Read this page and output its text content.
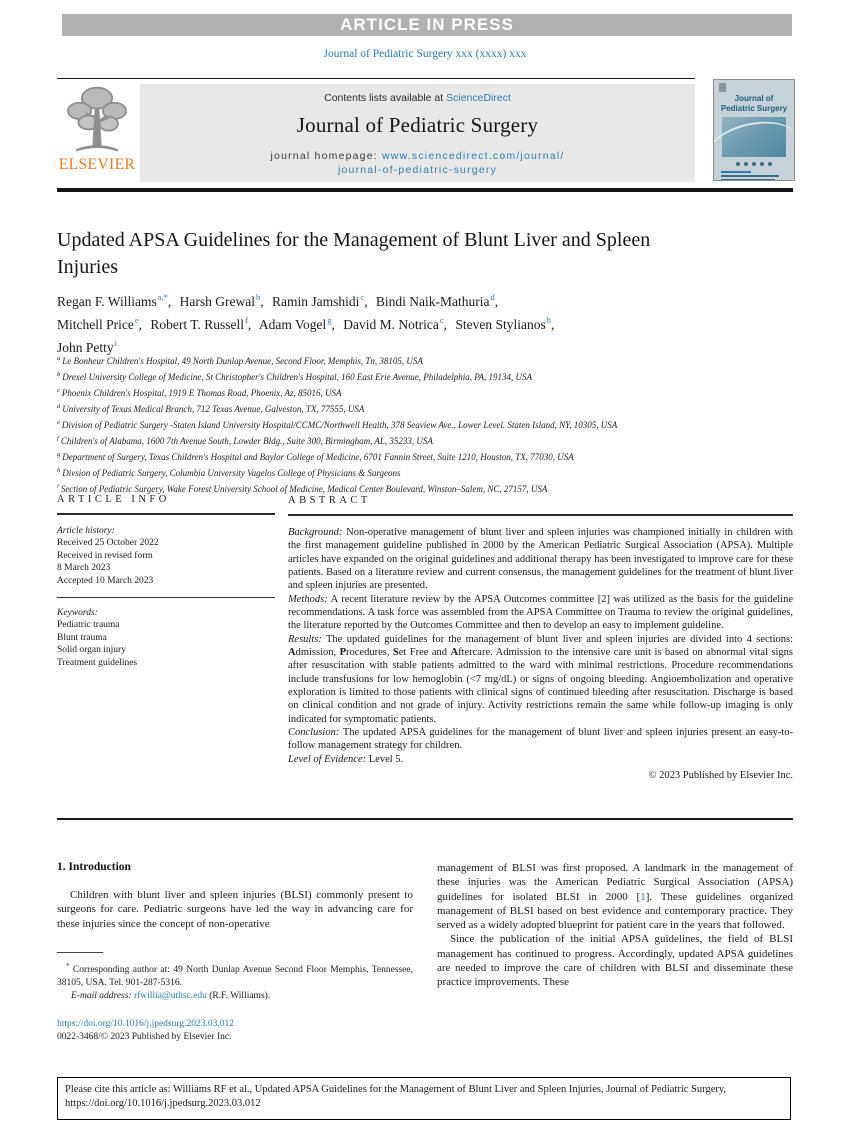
ARTICLE IN PRESS
Journal of Pediatric Surgery xxx (xxxx) xxx
ELSEVIER
Contents lists available at ScienceDirect
Journal of Pediatric Surgery
journal homepage: www.sciencedirect.com/journal/
journal-of-pediatric-surgery
Journal of
Pediatric Surgery
Updated APSA Guidelines for the Management of Blunt Liver and Spleen Injuries
Regan F. Williams$^{a,*}$, Harsh Grewal$^b$, Ramin Jamshidi$^c$, Bindi Naik-Mathuria$^d$,
Mitchell Price$^e$, Robert T. Russell$^f$, Adam Vogel$^g$, David M. Notrica$^c$, Steven Stylianos$^h$,
John Petty$^i$
$^a$ Le Bonheur Children's Hospital, 49 North Dunlap Avenue, Second Floor, Memphis, Tn, 38105, USA
$^b$ Drexel University College of Medicine, St Christopher's Children's Hospital, 160 East Erie Avenue, Philadelphia, PA, 19134, USA
$^c$ Phoenix Children's Hospital, 1919 E Thomas Road, Phoenix, Az, 85016, USA
$^d$ University of Texas Medical Branch, 712 Texas Avenue, Galveston, TX, 77555, USA
$^e$ Division of Pediatric Surgery -Staten Island University Hospital/CCMC/Northwell Health, 378 Seaview Ave., Lower Level. Staten Island, NY, 10305, USA
$^f$ Children's of Alabama, 1600 7th Avenue South, Lowder Bldg., Suite 300, Birmingham, AL, 35233, USA
$^g$ Department of Surgery, Texas Children's Hospital and Baylor College of Medicine, 6701 Fannin Street, Suite 1210, Houston, TX, 77030, USA
$^h$ Divsion of Pediatric Surgery, Columbia University Vagelos College of Physicians & Surgeons
$^i$ Section of Pediatric Surgery, Wake Forest University School of Medicine, Medical Center Boulevard, Winston–Salem, NC, 27157, USA
ARTICLE INFO
Article history:
Received 25 October 2022
Received in revised form
8 March 2023
Accepted 10 March 2023
Keywords:
Pediatric trauma
Blunt trauma
Solid organ injury
Treatment guidelines
ABSTRACT

Background: Non-operative management of blunt liver and spleen injuries was championed initially in children with the first management guideline published in 2000 by the American Pediatric Surgical Association (APSA). Multiple articles have expanded on the original guidelines and additional therapy has been investigated to improve care for these patients. Based on a literature review and current consensus, the management guidelines for the treatment of blunt liver and spleen injuries are presented.

Methods: A recent literature review by the APSA Outcomes committee [2] was utilized as the basis for the guideline recommendations. A task force was assembled from the APSA Committee on Trauma to review the original guidelines, the literature reported by the Outcomes Committee and then to develop an easy to implement guideline.

Results: The updated guidelines for the management of blunt liver and spleen injuries are divided into 4 sections: Admission, Procedures, Set Free and Aftercare. Admission to the intensive care unit is based on abnormal vital signs after resuscitation with stable patients admitted to the ward with minimal restrictions. Procedure recommendations include transfusions for low hemoglobin (<7 mg/dL) or signs of ongoing bleeding. Angioembolization and operative exploration is limited to those patients with clinical signs of continued bleeding after resuscitation. Discharge is based on clinical condition and not grade of injury. Activity restrictions remain the same while follow-up imaging is only indicated for symptomatic patients.

Conclusion: The updated APSA guidelines for the management of blunt liver and spleen injuries present an easy-to-follow management strategy for children.

Level of Evidence: Level 5.

© 2023 Published by Elsevier Inc.
1. Introduction

Children with blunt liver and spleen injuries (BLSI) commonly present to surgeons for care. Pediatric surgeons have led the way in advancing care for these injuries since the concept of non-operative

* Corresponding author at: 49 North Dunlap Avenue Second Floor Memphis, Tennessee, 38105, USA. Tel. 901-287-5316.

E-mail address: rfwillia@uthsc.edu (R.F. Williams).

https://doi.org/10.1016/j.jpedsurg.2023.03.012
0022-3468/© 2023 Published by Elsevier Inc.

management of BLSI was first proposed. A landmark in the management of these injuries was the American Pediatric Surgical Association (APSA) guidelines for isolated BLSI in 2000 [1]. These guidelines organized management of BLSI based on best evidence and contemporary practice. They served as a widely adopted blueprint for patient care in the years that followed.

Since the publication of the initial APSA guidelines, the field of BLSI management has continued to progress. Accordingly, updated APSA guidelines are needed to improve the care of children with BLSI and disseminate these practice improvements. These

Please cite this article as: Williams RF et al., Updated APSA Guidelines for the Management of Blunt Liver and Spleen Injuries, Journal of Pediatric Surgery, https://doi.org/10.1016/j.jpedsurg.2023.03.012
